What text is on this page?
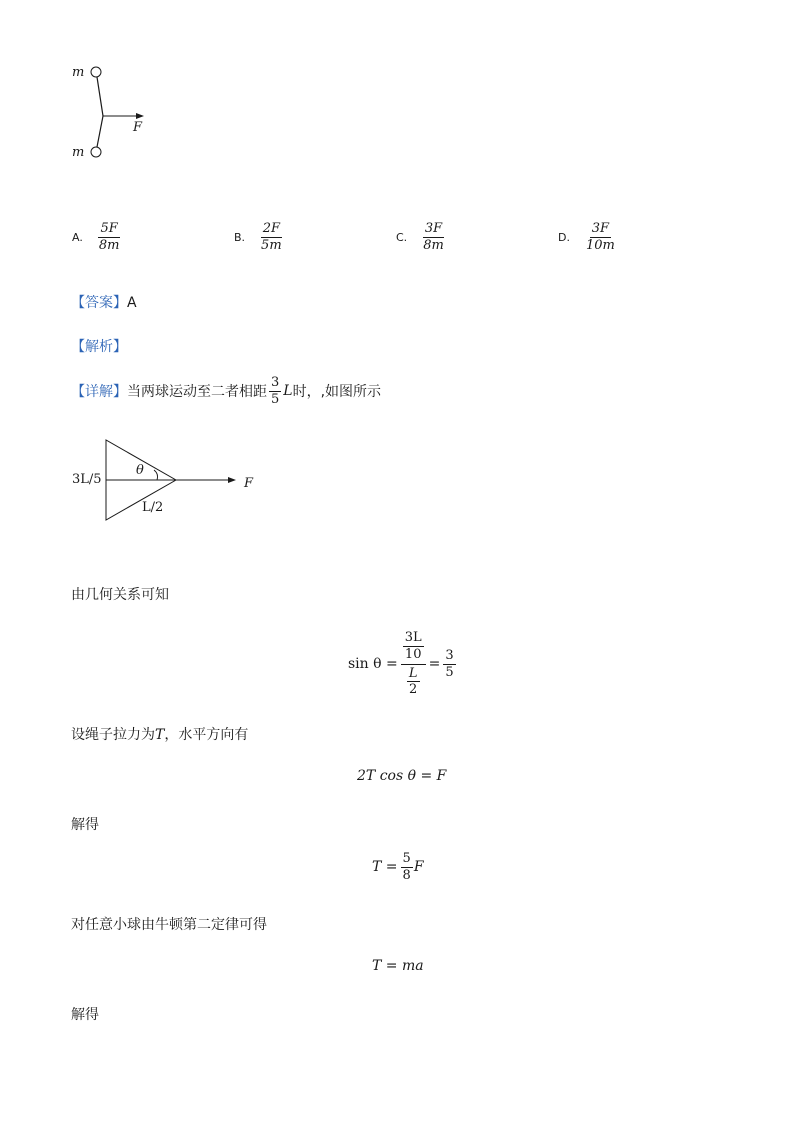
m
m
F
A. $\frac{5F}{8m}$	B. $\frac{2F}{5m}$	C. $\frac{3F}{8m}$	D. $\frac{3F}{10m}$
【答案】A
【解析】
【详解】 当两球运动至二者相距 $\frac{3}{5}$ L 时，,如图所示
3L/5
θ
L/2
F
由几何关系可知
$\sin \theta = \frac{\frac{3L}{10}}{\frac{L}{2}} = \frac{3}{5}$
设绳子拉力为T，水平方向有
2T cos θ = F
解得
$T = \frac{5}{8}$ F
对任意小球由牛顿第二定律可得
T = ma
解得
